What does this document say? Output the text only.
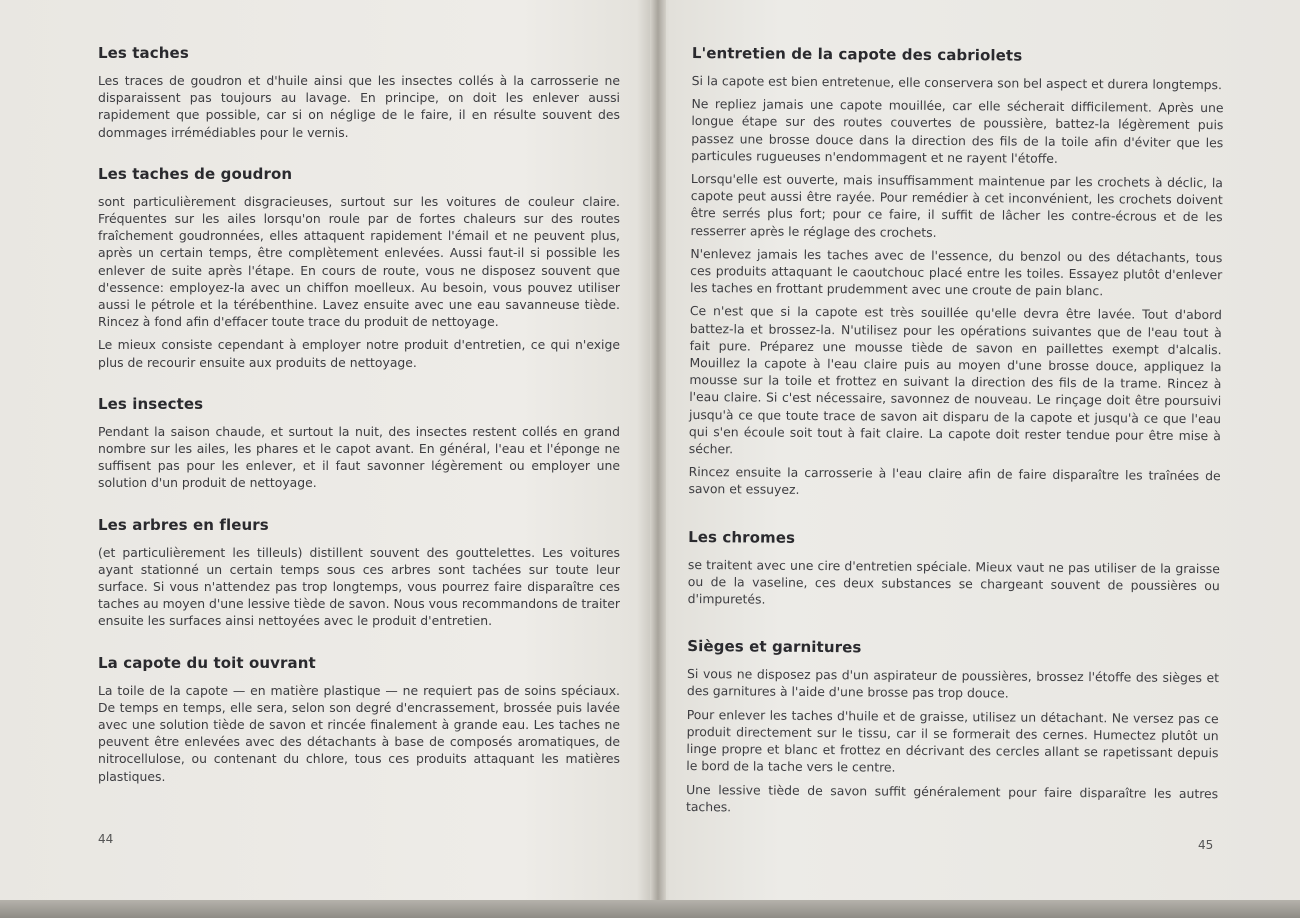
Les taches

Les traces de goudron et d'huile ainsi que les insectes collés à la carrosserie ne disparaissent pas toujours au lavage. En principe, on doit les enlever aussi rapidement que possible, car si on néglige de le faire, il en résulte souvent des dommages irrémédiables pour le vernis.

Les taches de goudron

sont particulièrement disgracieuses, surtout sur les voitures de couleur claire. Fréquentes sur les ailes lorsqu'on roule par de fortes chaleurs sur des routes fraîchement goudronnées, elles attaquent rapidement l'émail et ne peuvent plus, après un certain temps, être complètement enlevées. Aussi faut-il si possible les enlever de suite après l'étape. En cours de route, vous ne disposez souvent que d'essence: employez-la avec un chiffon moelleux. Au besoin, vous pouvez utiliser aussi le pétrole et la térébenthine. Lavez ensuite avec une eau savanneuse tiède. Rincez à fond afin d'effacer toute trace du produit de nettoyage.

Le mieux consiste cependant à employer notre produit d'entretien, ce qui n'exige plus de recourir ensuite aux produits de nettoyage.

Les insectes

Pendant la saison chaude, et surtout la nuit, des insectes restent collés en grand nombre sur les ailes, les phares et le capot avant. En général, l'eau et l'éponge ne suffisent pas pour les enlever, et il faut savonner légèrement ou employer une solution d'un produit de nettoyage.

Les arbres en fleurs

(et particulièrement les tilleuls) distillent souvent des gouttelettes. Les voitures ayant stationné un certain temps sous ces arbres sont tachées sur toute leur surface. Si vous n'attendez pas trop longtemps, vous pourrez faire disparaître ces taches au moyen d'une lessive tiède de savon. Nous vous recommandons de traiter ensuite les surfaces ainsi nettoyées avec le produit d'entretien.

La capote du toit ouvrant

La toile de la capote — en matière plastique — ne requiert pas de soins spéciaux. De temps en temps, elle sera, selon son degré d'encrassement, brossée puis lavée avec une solution tiède de savon et rincée finalement à grande eau. Les taches ne peuvent être enlevées avec des détachants à base de composés aromatiques, de nitrocellulose, ou contenant du chlore, tous ces produits attaquant les matières plastiques.

44
L'entretien de la capote des cabriolets

Si la capote est bien entretenue, elle conservera son bel aspect et durera longtemps.

Ne repliez jamais une capote mouillée, car elle sécherait difficilement. Après une longue étape sur des routes couvertes de poussière, battez-la légèrement puis passez une brosse douce dans la direction des fils de la toile afin d'éviter que les particules rugueuses n'endommagent et ne rayent l'étoffe.

Lorsqu'elle est ouverte, mais insuffisamment maintenue par les crochets à déclic, la capote peut aussi être rayée. Pour remédier à cet inconvénient, les crochets doivent être serrés plus fort; pour ce faire, il suffit de lâcher les contre-écrous et de les resserrer après le réglage des crochets.

N'enlevez jamais les taches avec de l'essence, du benzol ou des détachants, tous ces produits attaquant le caoutchouc placé entre les toiles. Essayez plutôt d'enlever les taches en frottant prudemment avec une croute de pain blanc.

Ce n'est que si la capote est très souillée qu'elle devra être lavée. Tout d'abord battez-la et brossez-la. N'utilisez pour les opérations suivantes que de l'eau tout à fait pure. Préparez une mousse tiède de savon en paillettes exempt d'alcalis. Mouillez la capote à l'eau claire puis au moyen d'une brosse douce, appliquez la mousse sur la toile et frottez en suivant la direction des fils de la trame. Rincez à l'eau claire. Si c'est nécessaire, savonnez de nouveau. Le rinçage doit être poursuivi jusqu'à ce que toute trace de savon ait disparu de la capote et jusqu'à ce que l'eau qui s'en écoule soit tout à fait claire. La capote doit rester tendue pour être mise à sécher.

Rincez ensuite la carrosserie à l'eau claire afin de faire disparaître les traînées de savon et essuyez.

Les chromes

se traitent avec une cire d'entretien spéciale. Mieux vaut ne pas utiliser de la graisse ou de la vaseline, ces deux substances se chargeant souvent de poussières ou d'impuretés.

Sièges et garnitures

Si vous ne disposez pas d'un aspirateur de poussières, brossez l'étoffe des sièges et des garnitures à l'aide d'une brosse pas trop douce.

Pour enlever les taches d'huile et de graisse, utilisez un détachant. Ne versez pas ce produit directement sur le tissu, car il se formerait des cernes. Humectez plutôt un linge propre et blanc et frottez en décrivant des cercles allant se rapetissant depuis le bord de la tache vers le centre.

Une lessive tiède de savon suffit généralement pour faire disparaître les autres taches.

45
